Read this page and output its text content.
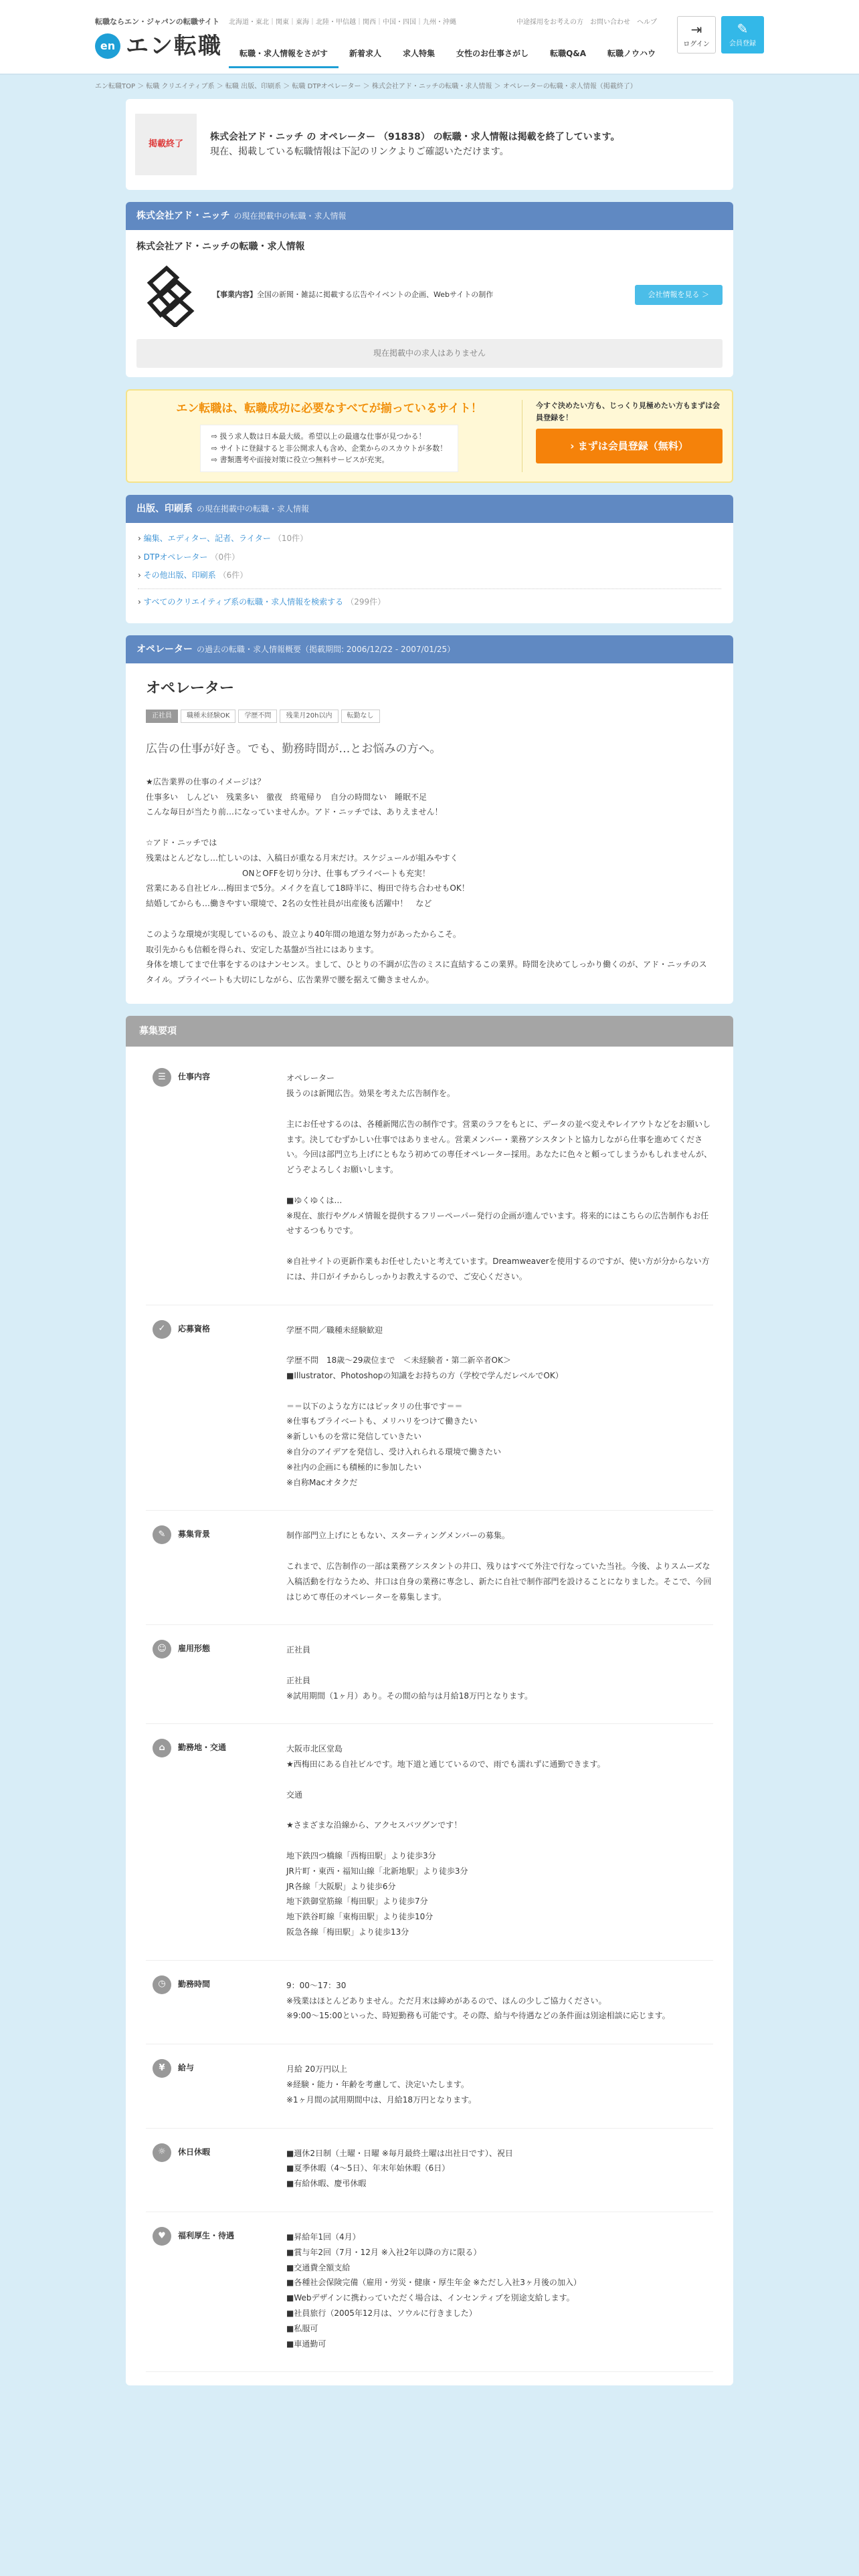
転職ならエン・ジャパンの転職サイト
en エン転職
北海道・東北｜関東｜東海｜北陸・甲信越｜関西｜中国・四国｜九州・沖縄	中途採用をお考えの方　お問い合わせ　ヘルプ
転職・求人情報をさがす	新着求人	求人特集	女性のお仕事さがし	転職Q&A	転職ノウハウ
⇥
ログイン
✎
会員登録
エン転職TOP ＞ 転職 クリエイティブ系 ＞ 転職 出版、印刷系 ＞ 転職 DTPオペレーター ＞ 株式会社アド・ニッチの転職・求人情報 ＞ オペレーターの転職・求人情報（掲載終了）
掲載終了
株式会社アド・ニッチ の オペレーター （91838） の転職・求人情報は掲載を終了しています。
現在、掲載している転職情報は下記のリンクよりご確認いただけます。
株式会社アド・ニッチ の現在掲載中の転職・求人情報
株式会社アド・ニッチの転職・求人情報
【事業内容】全国の新聞・雑誌に掲載する広告やイベントの企画、Webサイトの制作	会社情報を見る ＞
現在掲載中の求人はありません
エン転職は、転職成功に必要なすべてが揃っているサイト！
⇨ 扱う求人数は日本最大級。希望以上の最適な仕事が見つかる！
⇨ サイトに登録すると非公開求人も含め、企業からのスカウトが多数！
⇨ 書類選考や面接対策に役立つ無料サービスが充実。
今すぐ決めたい方も、じっくり見極めたい方もまずは会員登録を！
› まずは会員登録（無料）
出版、印刷系 の現在掲載中の転職・求人情報
› 編集、エディター、記者、ライター （10件）
› DTPオペレーター （0件）
› その他出版、印刷系 （6件）
› すべてのクリエイティブ系の転職・求人情報を検索する （299件）
オペレーター の過去の転職・求人情報概要（掲載期間: 2006/12/22 - 2007/01/25）
オペレーター
正社員 職種未経験OK 学歴不問 残業月20h以内 転勤なし
広告の仕事が好き。でも、勤務時間が…とお悩みの方へ。
★広告業界の仕事のイメージは？
仕事多い　しんどい　残業多い　徹夜　終電帰り　自分の時間ない　睡眠不足
こんな毎日が当たり前…になっていませんか。アド・ニッチでは、ありえません！

☆アド・ニッチでは
残業はとんどなし…忙しいのは、入稿日が重なる月末だけ。スケジュールが組みやすく
　　　　　　　　　　　　ONとOFFを切り分け、仕事もプライベートも充実！
営業にある自社ビル…梅田まで5分。メイクを直して18時半に、梅田で待ち合わせもOK！
結婚してからも…働きやすい環境で、2名の女性社員が出産後も活躍中！　など

このような環境が実現しているのも、設立より40年間の地道な努力があったからこそ。
取引先からも信頼を得られ、安定した基盤が当社にはあります。
身体を壊してまで仕事をするのはナンセンス。まして、ひとりの不調が広告のミスに直結するこの業界。時間を決めてしっかり働くのが、アド・ニッチのスタイル。プライベートも大切にしながら、広告業界で腰を据えて働きませんか。
募集要項
☰	仕事内容	オペレーター
扱うのは新聞広告。効果を考えた広告制作を。

主にお任せするのは、各種新聞広告の制作です。営業のラフをもとに、データの並べ変えやレイアウトなどをお願いします。決してむずかしい仕事ではありません。営業メンバー・業務アシスタントと協力しながら仕事を進めてください。今回は部門立ち上げにともなう初めての専任オペレーター採用。あなたに色々と頼ってしまうかもしれませんが、どうぞよろしくお願いします。

■ゆくゆくは…
※現在、旅行やグルメ情報を提供するフリーペーパー発行の企画が進んでいます。将来的にはこちらの広告制作もお任せするつもりです。

※自社サイトの更新作業もお任せしたいと考えています。Dreamweaverを使用するのですが、使い方が分からない方には、井口がイチからしっかりお教えするので、ご安心ください。
✓	応募資格	学歴不問／職種未経験歓迎

学歴不問　18歳〜29歳位まで　＜未経験者・第二新卒者OK＞
■Illustrator、Photoshopの知識をお持ちの方（学校で学んだレベルでOK）

＝＝以下のような方にはピッタリの仕事です＝＝
※仕事もプライベートも、メリハリをつけて働きたい
※新しいものを常に発信していきたい
※自分のアイデアを発信し、受け入れられる環境で働きたい
※社内の企画にも積極的に参加したい
※自称Macオタクだ
✎	募集背景	制作部門立上げにともない、スターティングメンバーの募集。

これまで、広告制作の一部は業務アシスタントの井口、残りはすべて外注で行なっていた当社。今後、よりスムーズな入稿活動を行なうため、井口は自身の業務に専念し、新たに自社で制作部門を設けることになりました。そこで、今回はじめて専任のオペレーターを募集します。
☺	雇用形態	正社員

正社員
※試用期間（1ヶ月）あり。その間の給与は月給18万円となります。
⌂	勤務地・交通	大阪市北区堂島
★西梅田にある自社ビルです。地下道と通じているので、雨でも濡れずに通勤できます。

交通

★さまざまな沿線から、アクセスバツグンです！

地下鉄四つ橋線「西梅田駅」より徒歩3分
JR片町・東西・福知山線「北新地駅」より徒歩3分
JR各線「大阪駅」より徒歩6分
地下鉄御堂筋線「梅田駅」より徒歩7分
地下鉄谷町線「東梅田駅」より徒歩10分
阪急各線「梅田駅」より徒歩13分
◷	勤務時間	9：00〜17：30
※残業はほとんどありません。ただ月末は締めがあるので、ほんの少しご協力ください。
※9:00〜15:00といった、時短勤務も可能です。その際、給与や待遇などの条件面は別途相談に応じます。
¥	給与	月給 20万円以上
※経験・能力・年齢を考慮して、決定いたします。
※1ヶ月間の試用期間中は、月給18万円となります。
☼	休日休暇	■週休2日制（土曜・日曜 ※毎月最終土曜は出社日です）、祝日
■夏季休暇（4〜5日）、年末年始休暇（6日）
■有給休暇、慶弔休暇
♥	福利厚生・待遇	■昇給年1回（4月）
■賞与年2回（7月・12月 ※入社2年以降の方に限る）
■交通費全額支給
■各種社会保険完備（雇用・労災・健康・厚生年金 ※ただし入社3ヶ月後の加入）
■Webデザインに携わっていただく場合は、インセンティブを別途支給します。
■社員旅行（2005年12月は、ソウルに行きました）
■私服可
■車通勤可
